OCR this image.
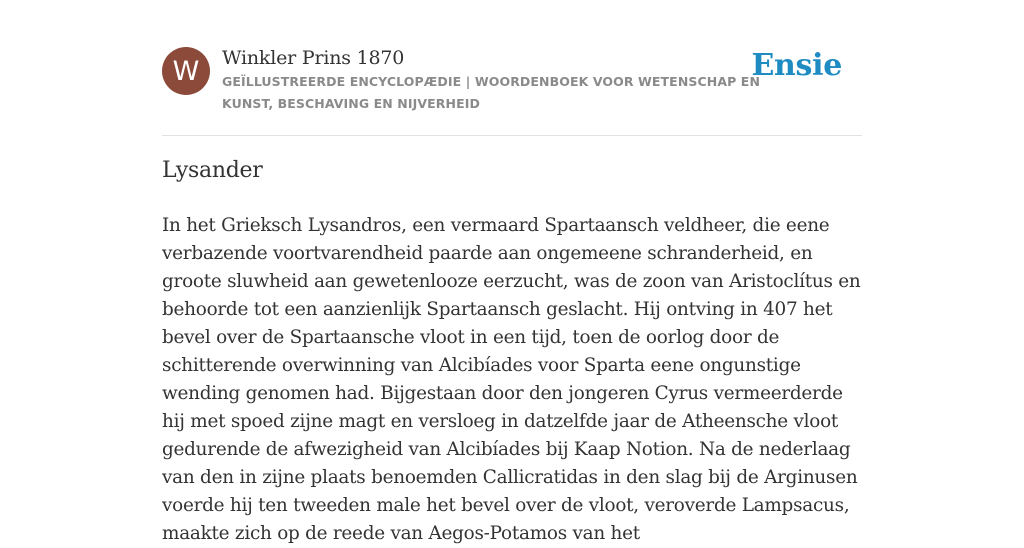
W	Winkler Prins 1870
GEÏLLUSTREERDE ENCYCLOPÆDIE | WOORDENBOEK VOOR WETENSCHAP EN KUNST, BESCHAVING EN NIJVERHEID
Ensie
Lysander

In het Grieksch Lysandros, een vermaard Spartaansch veldheer, die eene verbazende voortvarendheid paarde aan ongemeene schranderheid, en groote sluwheid aan gewetenlooze eerzucht, was de zoon van Aristoclítus en behoorde tot een aanzienlijk Spartaansch geslacht. Hij ontving in 407 het bevel over de Spartaansche vloot in een tijd, toen de oorlog door de schitterende overwinning van Alcibíades voor Sparta eene ongunstige wending genomen had. Bijgestaan door den jongeren Cyrus vermeerderde hij met spoed zijne magt en versloeg in datzelfde jaar de Atheensche vloot gedurende de afwezigheid van Alcibíades bij Kaap Notion. Na de nederlaag van den in zijne plaats benoemden Callicratidas in den slag bij de Arginusen voerde hij ten tweeden male het bevel over de vloot, veroverde Lampsacus, maakte zich op de reede van Aegos-Potamos van het
